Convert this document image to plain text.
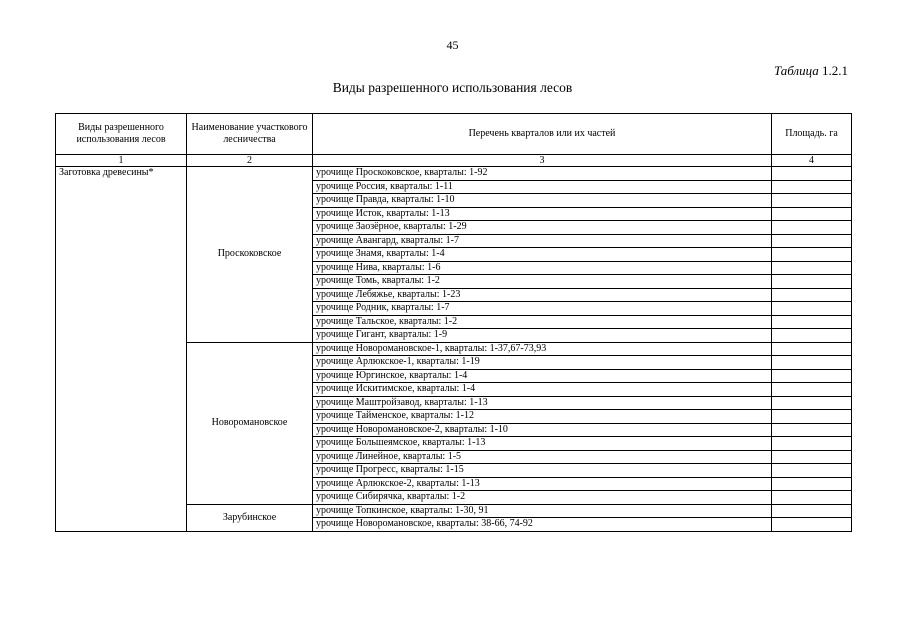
45
Таблица 1.2.1
Виды разрешенного использования лесов
Виды разрешенного использования лесов	Наименование участкового лесничества	Перечень кварталов или их частей	Площадь. га
1	2	3	4
Заготовка древесины*	Проскоковское	урочище Проскоковское, кварталы: 1-92	
		урочище Россия, кварталы: 1-11	
		урочище Правда, кварталы: 1-10	
		урочище Исток, кварталы: 1-13	
		урочище Заозёрное, кварталы: 1-29	
		урочище Авангард, кварталы: 1-7	
		урочище Знамя, кварталы: 1-4	
		урочище Нива, кварталы: 1-6	
		урочище Томь, кварталы: 1-2	
		урочище Лебяжье, кварталы: 1-23	
		урочище Родник, кварталы: 1-7	
		урочище Тальское, кварталы: 1-2	
		урочище Гигант, кварталы: 1-9	
	Новоромановское	урочище Новоромановское-1, кварталы: 1-37,67-73,93	
		урочище Арлюкское-1, кварталы: 1-19	
		урочище Юргинское, кварталы: 1-4	
		урочище Искитимское, кварталы: 1-4	
		урочище Маштройзавод, кварталы: 1-13	
		урочище Тайменское, кварталы: 1-12	
		урочище Новоромановское-2, кварталы: 1-10	
		урочище Большеямское, кварталы: 1-13	
		урочище Линейное, кварталы: 1-5	
		урочище Прогресс, кварталы: 1-15	
		урочище Арлюкское-2, кварталы: 1-13	
		урочище Сибирячка, кварталы: 1-2	
	Зарубинское	урочище Топкинское, кварталы: 1-30, 91	
		урочище Новоромановское, кварталы: 38-66, 74-92	
